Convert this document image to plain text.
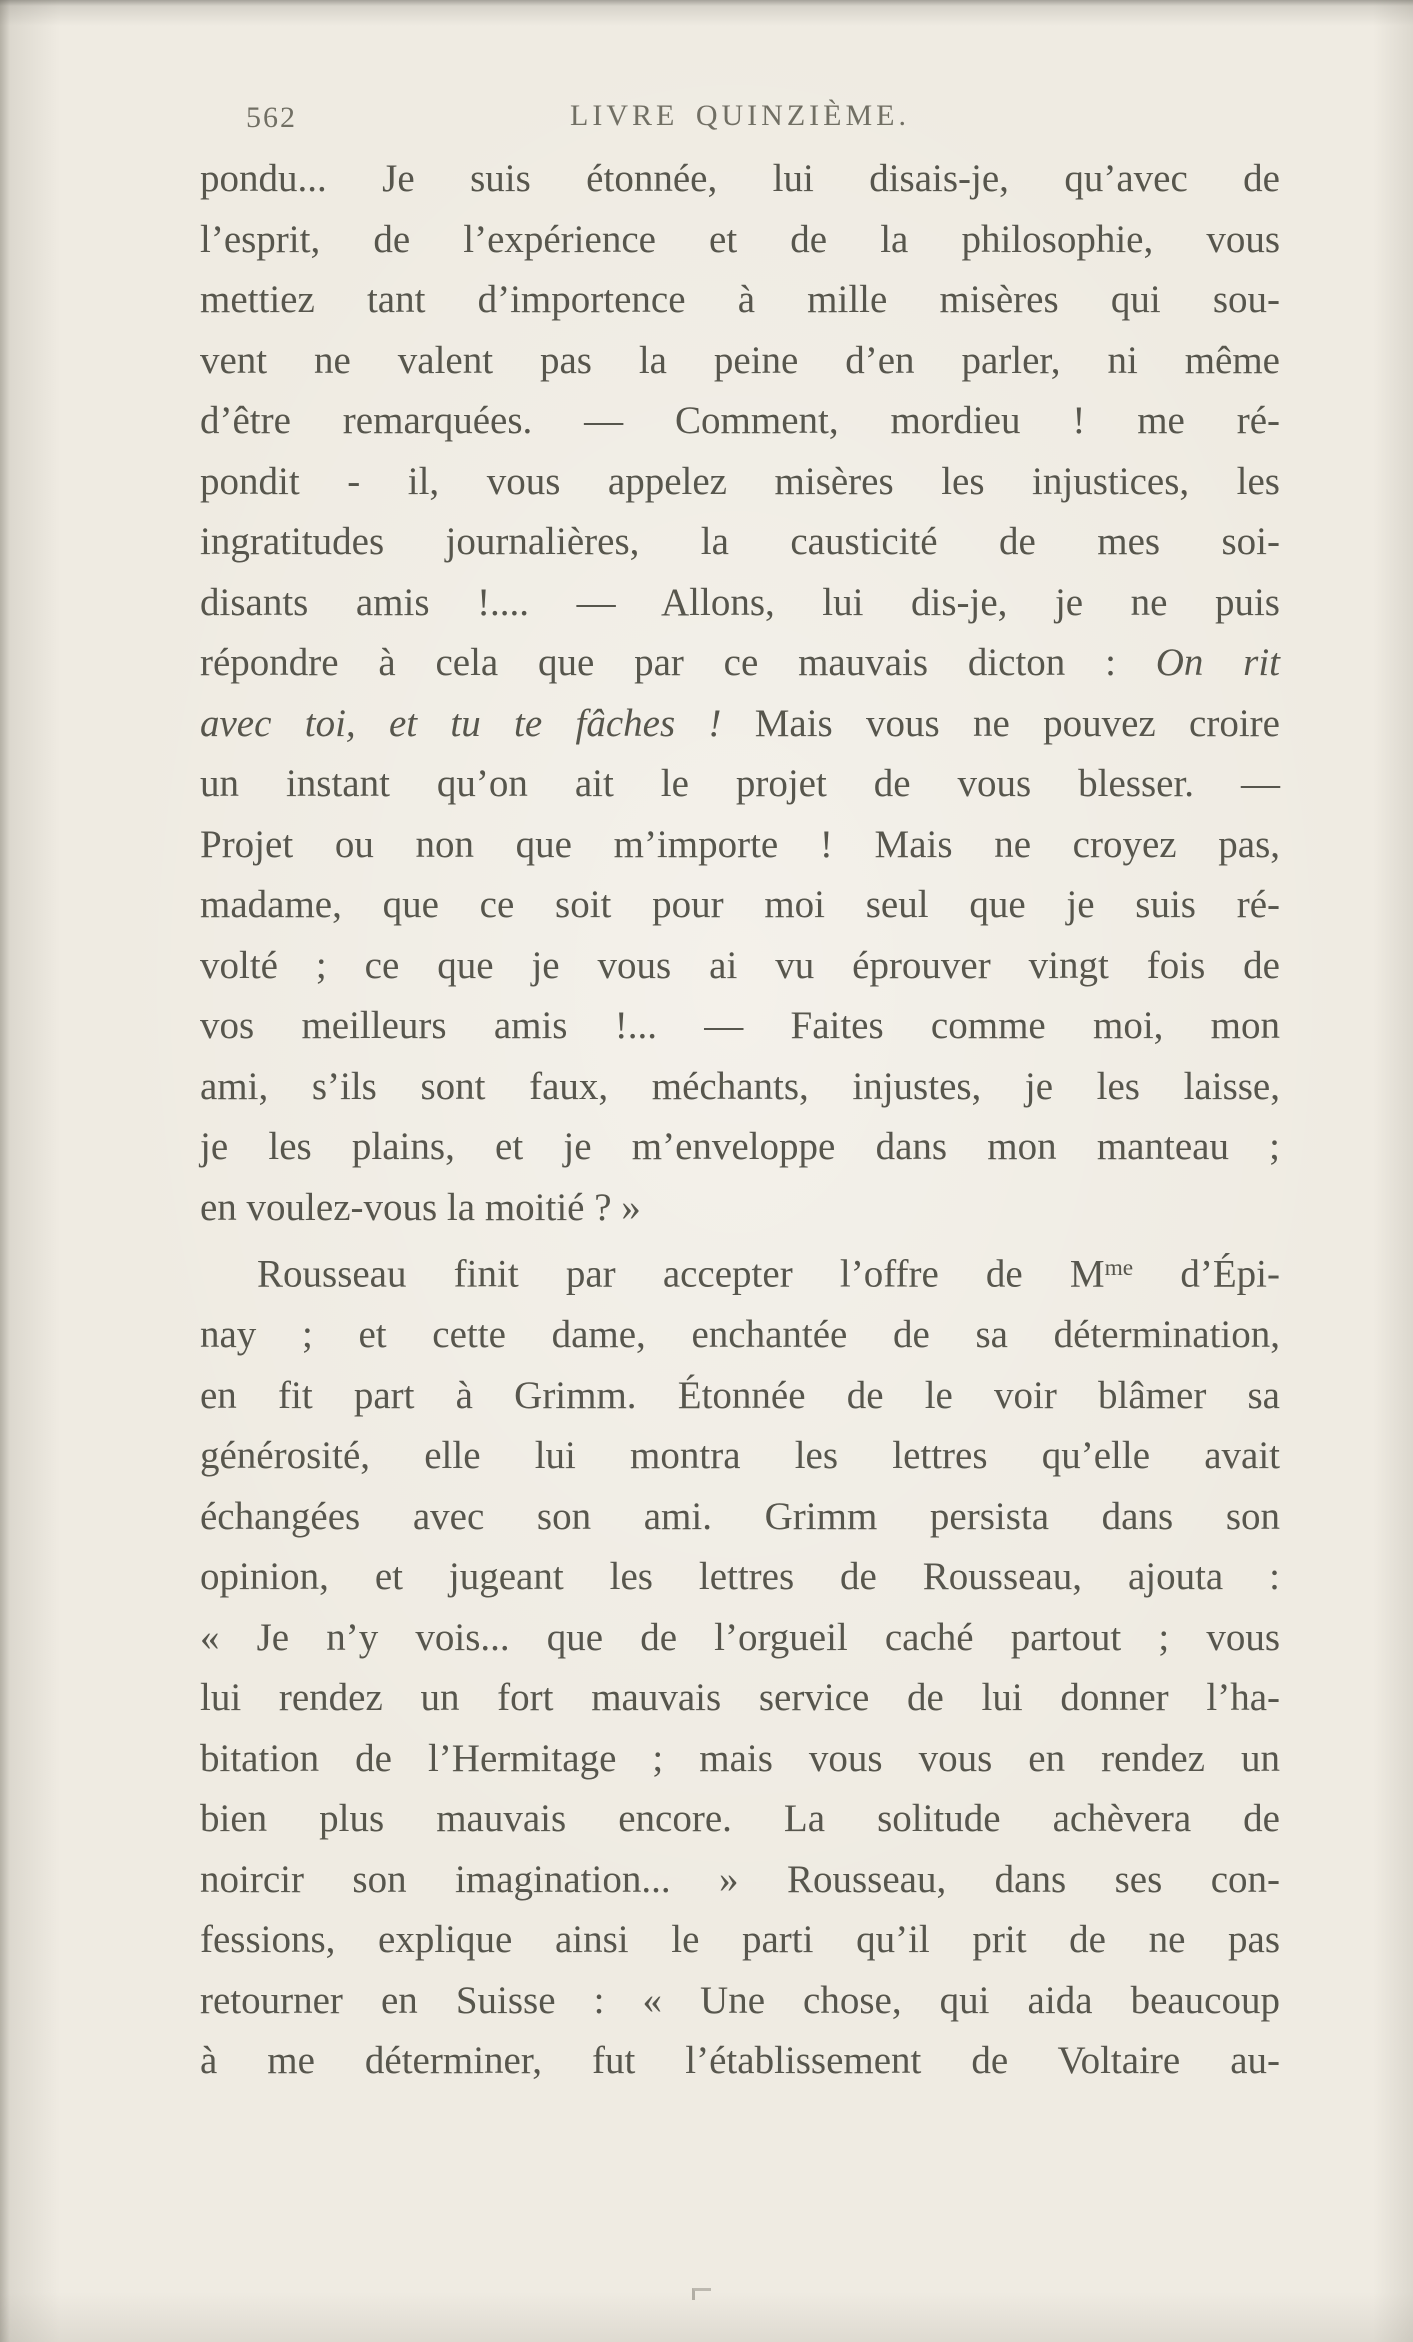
562	LIVRE QUINZIÈME.
pondu... Je suis étonnée, lui disais-je, qu’avec de
l’esprit, de l’expérience et de la philosophie, vous
mettiez tant d’importence à mille misères qui sou-
vent ne valent pas la peine d’en parler, ni même
d’être remarquées. — Comment, mordieu ! me ré-
pondit - il, vous appelez misères les injustices, les
ingratitudes journalières, la causticité de mes soi-
disants amis !.... — Allons, lui dis-je, je ne puis
répondre à cela que par ce mauvais dicton : On rit
avec toi, et tu te fâches ! Mais vous ne pouvez croire
un instant qu’on ait le projet de vous blesser. —
Projet ou non que m’importe ! Mais ne croyez pas,
madame, que ce soit pour moi seul que je suis ré-
volté ; ce que je vous ai vu éprouver vingt fois de
vos meilleurs amis !... — Faites comme moi, mon
ami, s’ils sont faux, méchants, injustes, je les laisse,
je les plains, et je m’enveloppe dans mon manteau ;
en voulez-vous la moitié ? »
Rousseau finit par accepter l’offre de $M^{me}$ d’Épi-
nay ; et cette dame, enchantée de sa détermination,
en fit part à Grimm. Étonnée de le voir blâmer sa
générosité, elle lui montra les lettres qu’elle avait
échangées avec son ami. Grimm persista dans son
opinion, et jugeant les lettres de Rousseau, ajouta :
« Je n’y vois... que de l’orgueil caché partout ; vous
lui rendez un fort mauvais service de lui donner l’ha-
bitation de l’Hermitage ; mais vous vous en rendez un
bien plus mauvais encore. La solitude achèvera de
noircir son imagination... » Rousseau, dans ses con-
fessions, explique ainsi le parti qu’il prit de ne pas
retourner en Suisse : « Une chose, qui aida beaucoup
à me déterminer, fut l’établissement de Voltaire au-
